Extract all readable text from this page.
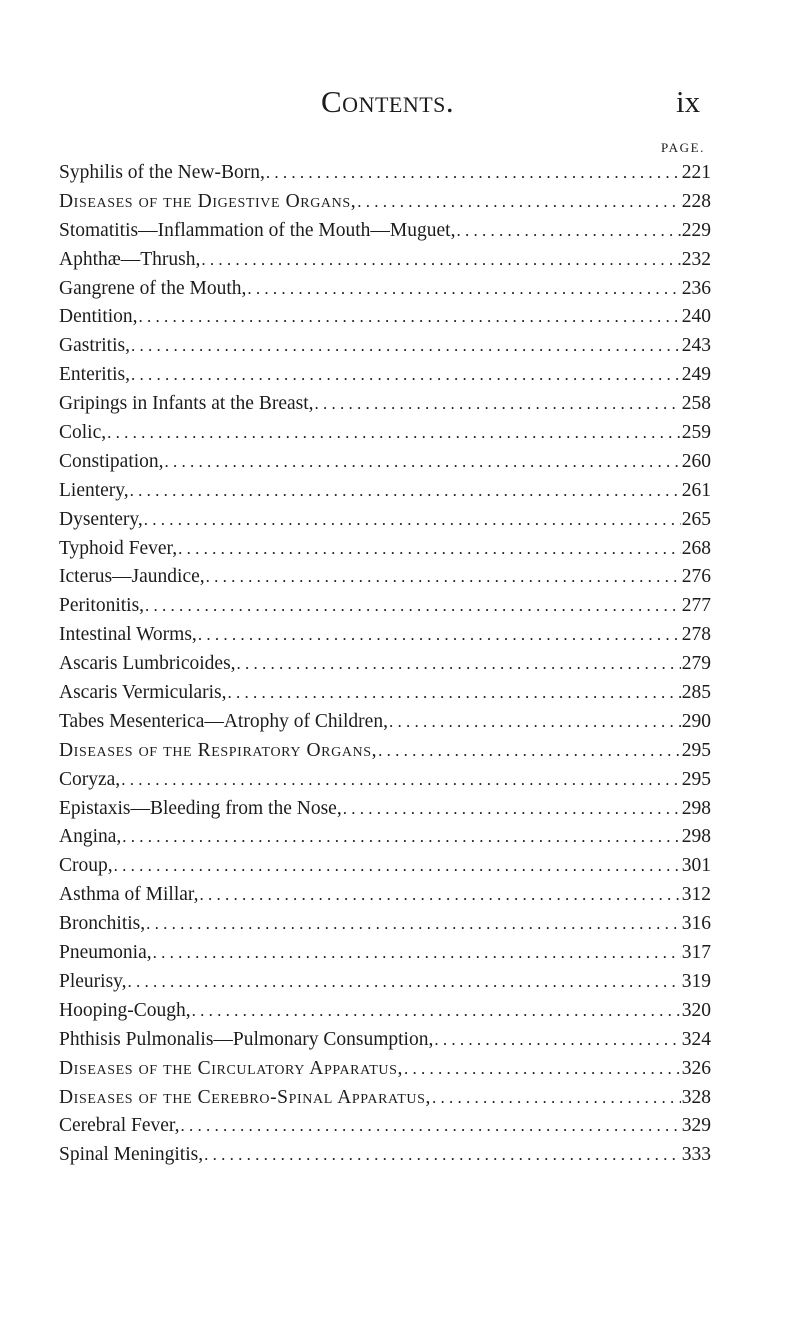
Contents.	ix
PAGE.
Syphilis of the New-Born, . . .	221
Diseases of the Digestive Organs, . . .	228
Stomatitis—Inflammation of the Mouth—Muguet, . . .	229
Aphthæ—Thrush, . . .	232
Gangrene of the Mouth, . . .	236
Dentition, . . .	240
Gastritis, . . .	243
Enteritis, . . .	249
Gripings in Infants at the Breast, . . .	258
Colic, . . .	259
Constipation, . . .	260
Lientery, . . .	261
Dysentery, . . .	265
Typhoid Fever, . . .	268
Icterus—Jaundice, . . .	276
Peritonitis, . . .	277
Intestinal Worms, . . .	278
Ascaris Lumbricoides, . . .	279
Ascaris Vermicularis, . . .	285
Tabes Mesenterica—Atrophy of Children, . . .	290
Diseases of the Respiratory Organs, . . .	295
Coryza, . . .	295
Epistaxis—Bleeding from the Nose, . . .	298
Angina, . . .	298
Croup, . . .	301
Asthma of Millar, . . .	312
Bronchitis, . . .	316
Pneumonia, . . .	317
Pleurisy, . . .	319
Hooping-Cough, . . .	320
Phthisis Pulmonalis—Pulmonary Consumption, . . .	324
Diseases of the Circulatory Apparatus, . . .	326
Diseases of the Cerebro-Spinal Apparatus, . . .	328
Cerebral Fever, . . .	329
Spinal Meningitis, . . .	333
